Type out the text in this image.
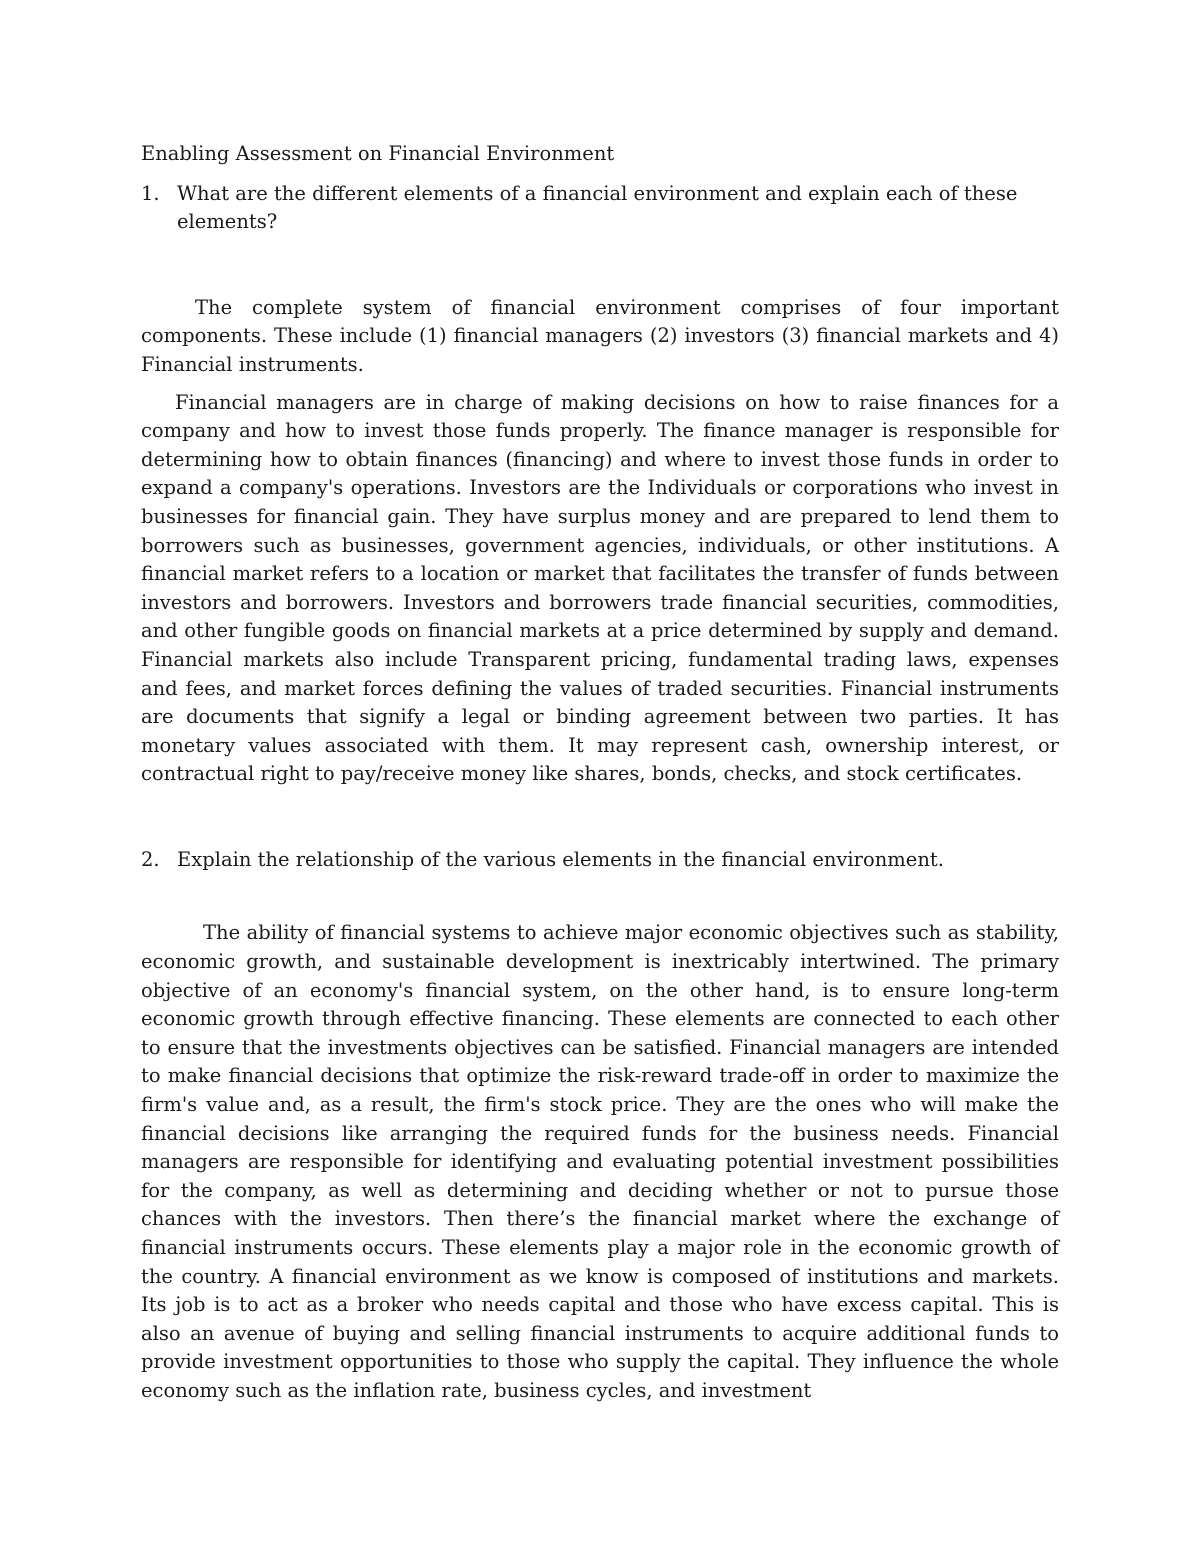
Enabling Assessment on Financial Environment
1. What are the different elements of a financial environment and explain each of these elements?

The complete system of financial environment comprises of four important components. These include (1) financial managers (2) investors (3) financial markets and 4) Financial instruments.

Financial managers are in charge of making decisions on how to raise finances for a company and how to invest those funds properly. The finance manager is responsible for determining how to obtain finances (financing) and where to invest those funds in order to expand a company's operations. Investors are the Individuals or corporations who invest in businesses for financial gain. They have surplus money and are prepared to lend them to borrowers such as businesses, government agencies, individuals, or other institutions. A financial market refers to a location or market that facilitates the transfer of funds between investors and borrowers. Investors and borrowers trade financial securities, commodities, and other fungible goods on financial markets at a price determined by supply and demand. Financial markets also include Transparent pricing, fundamental trading laws, expenses and fees, and market forces defining the values of traded securities. Financial instruments are documents that signify a legal or binding agreement between two parties. It has monetary values associated with them. It may represent cash, ownership interest, or contractual right to pay/receive money like shares, bonds, checks, and stock certificates.

2. Explain the relationship of the various elements in the financial environment.

The ability of financial systems to achieve major economic objectives such as stability, economic growth, and sustainable development is inextricably intertwined. The primary objective of an economy's financial system, on the other hand, is to ensure long-term economic growth through effective financing. These elements are connected to each other to ensure that the investments objectives can be satisfied. Financial managers are intended to make financial decisions that optimize the risk-reward trade-off in order to maximize the firm's value and, as a result, the firm's stock price. They are the ones who will make the financial decisions like arranging the required funds for the business needs. Financial managers are responsible for identifying and evaluating potential investment possibilities for the company, as well as determining and deciding whether or not to pursue those chances with the investors. Then there’s the financial market where the exchange of financial instruments occurs. These elements play a major role in the economic growth of the country. A financial environment as we know is composed of institutions and markets. Its job is to act as a broker who needs capital and those who have excess capital. This is also an avenue of buying and selling financial instruments to acquire additional funds to provide investment opportunities to those who supply the capital. They influence the whole economy such as the inflation rate, business cycles, and investment
